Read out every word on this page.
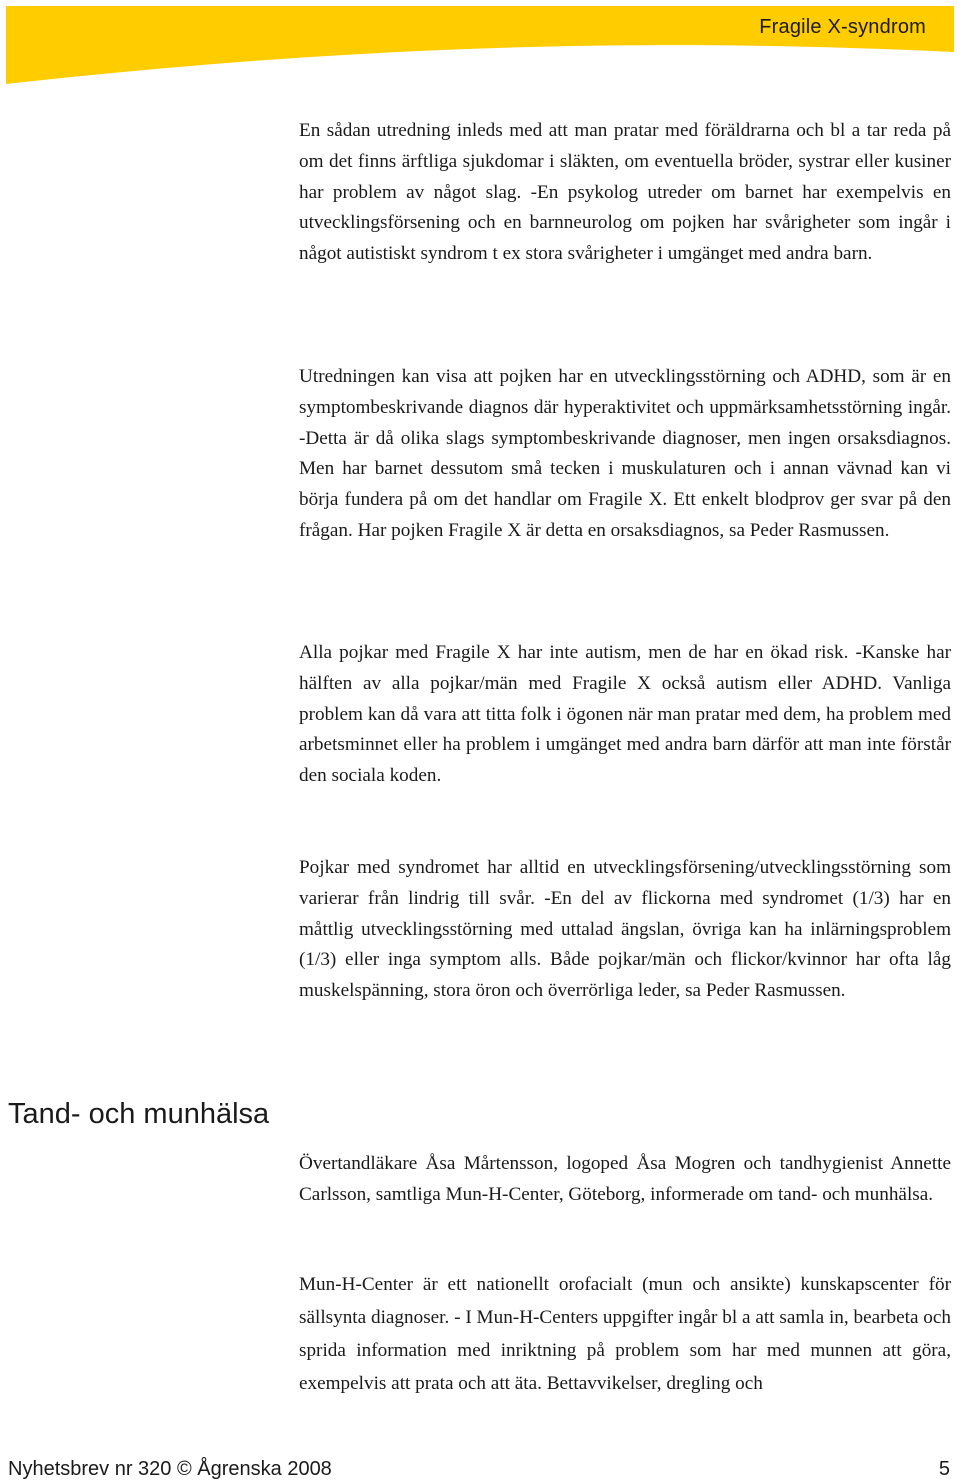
Fragile X-syndrom

En sådan utredning inleds med att man pratar med föräldrarna och bl a tar reda på om det finns ärftliga sjukdomar i släkten, om eventuella bröder, systrar eller kusiner har problem av något slag. -En psykolog utreder om barnet har exempelvis en utvecklingsförsening och en barnneurolog om pojken har svårigheter som ingår i något autistiskt syndrom t ex stora svårigheter i umgänget med andra barn.

Utredningen kan visa att pojken har en utvecklingsstörning och ADHD, som är en symptombeskrivande diagnos där hyperaktivitet och uppmärksamhetsstörning ingår. -Detta är då olika slags symptombeskrivande diagnoser, men ingen orsaksdiagnos. Men har barnet dessutom små tecken i muskulaturen och i annan vävnad kan vi börja fundera på om det handlar om Fragile X. Ett enkelt blodprov ger svar på den frågan. Har pojken Fragile X är detta en orsaksdiagnos, sa Peder Rasmussen.

Alla pojkar med Fragile X har inte autism, men de har en ökad risk. -Kanske har hälften av alla pojkar/män med Fragile X också autism eller ADHD. Vanliga problem kan då vara att titta folk i ögonen när man pratar med dem, ha problem med arbetsminnet eller ha problem i umgänget med andra barn därför att man inte förstår den sociala koden.

Pojkar med syndromet har alltid en utvecklingsförsening/utvecklingsstörning som varierar från lindrig till svår. -En del av flickorna med syndromet (1/3) har en måttlig utvecklingsstörning med uttalad ängslan, övriga kan ha inlärningsproblem (1/3) eller inga symptom alls. Både pojkar/män och flickor/kvinnor har ofta låg muskelspänning, stora öron och överrörliga leder, sa Peder Rasmussen.

Tand- och munhälsa

Övertandläkare Åsa Mårtensson, logoped Åsa Mogren och tandhygienist Annette Carlsson, samtliga Mun-H-Center, Göteborg, informerade om tand- och munhälsa.

Mun-H-Center är ett nationellt orofacialt (mun och ansikte) kunskapscenter för sällsynta diagnoser. - I Mun-H-Centers uppgifter ingår bl a att samla in, bearbeta och sprida information med inriktning på problem som har med munnen att göra, exempelvis att prata och att äta. Bettavvikelser, dregling och

Nyhetsbrev nr 320 © Ågrenska 2008	5
